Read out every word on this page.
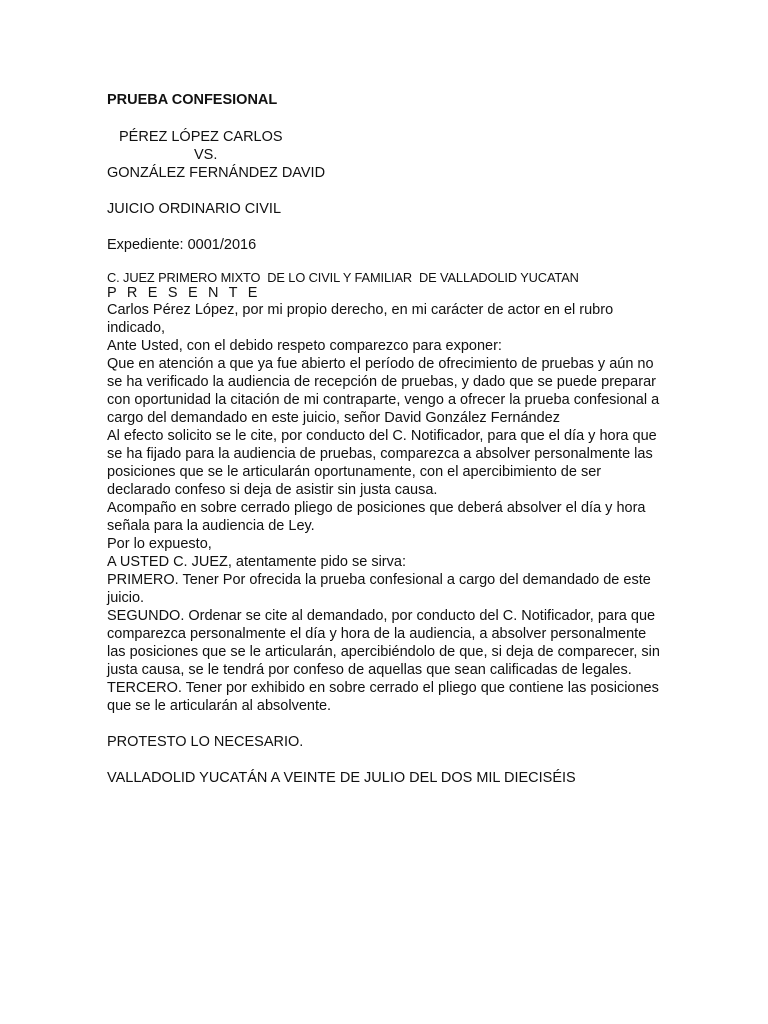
PRUEBA CONFESIONAL
PÉREZ LÓPEZ CARLOS
VS.
GONZÁLEZ FERNÁNDEZ DAVID
JUICIO ORDINARIO CIVIL
Expediente: 0001/2016
C. JUEZ PRIMERO MIXTO  DE LO CIVIL Y FAMILIAR  DE VALLADOLID YUCATAN
P R E S E N T E

Carlos Pérez López, por mi propio derecho, en mi carácter de actor en el rubro indicado,

Ante Usted, con el debido respeto comparezco para exponer:

Que en atención a que ya fue abierto el período de ofrecimiento de pruebas y aún no se ha verificado la audiencia de recepción de pruebas, y dado que se puede preparar con oportunidad la citación de mi contraparte, vengo a ofrecer la prueba confesional a cargo del demandado en este juicio, señor David González Fernández

Al efecto solicito se le cite, por conducto del C. Notificador, para que el día y hora que se ha fijado para la audiencia de pruebas, comparezca a absolver personalmente las posiciones que se le articularán oportunamente, con el apercibimiento de ser declarado confeso si deja de asistir sin justa causa.

Acompaño en sobre cerrado pliego de posiciones que deberá absolver el día y hora señala para la audiencia de Ley.

Por lo expuesto,

A USTED C. JUEZ, atentamente pido se sirva:

PRIMERO. Tener Por ofrecida la prueba confesional a cargo del demandado de este juicio.

SEGUNDO. Ordenar se cite al demandado, por conducto del C. Notificador, para que comparezca personalmente el día y hora de la audiencia, a absolver personalmente las posiciones que se le articularán, apercibiéndolo de que, si deja de comparecer, sin justa causa, se le tendrá por confeso de aquellas que sean calificadas de legales.

TERCERO. Tener por exhibido en sobre cerrado el pliego que contiene las posiciones que se le articularán al absolvente.

PROTESTO LO NECESARIO.
VALLADOLID YUCATÁN A VEINTE DE JULIO DEL DOS MIL DIECISÉIS
